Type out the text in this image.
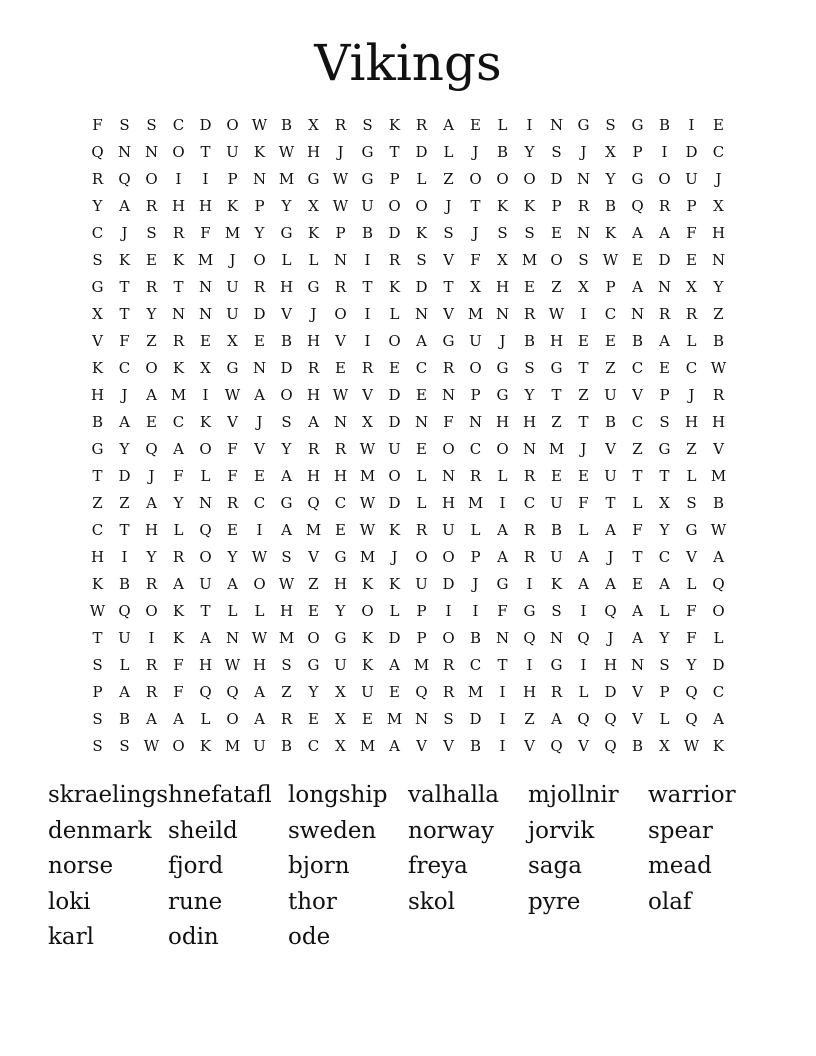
Vikings
F	S	S	C	D O W B	X	R	S	K	R	A	E	L	I	N G	S	G	B	I	E
Q N N O	T	U	K W H	J	G	T	D	L	J	B	Y	S	J	X	P	I	D	C
R	Q O	I	I	P	N M G W G	P	L	Z	O O O D N	Y	G O U	J
Y	A	R H H K	P	Y	X W U O O	J	T	K	K	P	R	B	Q	R	P	X
C	J	S	R	F M Y	G	K	P	B	D	K	S	J	S	S	E N K	A	A	F	H
S	K	E	K M	J	O	L	L	N	I	R	S	V	F	X M O	S W E	D	E N
G	T	R	T	N U	R H G	R	T	K	D	T	X	H E	Z	X	P	A	N	X	Y
X	T	Y	N N U D	V	J	O	I	L	N	V M N R W	I	C N R	R	Z
V	F	Z	R	E	X	E	B H	V	I	O	A	G U	J	B H E	E	B	A	L	B
K	C	O	K	X	G N D	R	E	R	E	C	R	O G	S	G	T	Z	C	E	C W
H	J	A M	I	W A	O H W V	D	E N	P	G	Y	T	Z	U	V	P	J	R
B	A	E	C	K	V	J	S	A	N	X	D N	F	N H H	Z	T	B	C	S	H H
G	Y	Q	A	O	F	V	Y	R	R W U	E	O	C	O N M	J	V	Z	G	Z	V
T	D	J	F	L	F	E	A	H H M O	L	N R	L	R	E	E	U	T	T	L M
Z	Z	A	Y	N R	C	G Q	C W D	L	H M	I	C U	F	T	L	X	S	B
C	T	H	L	Q	E	I	A M E W K	R	U	L	A	R	B	L	A	F	Y	G W
H	I	Y	R	O	Y W S	V	G M	J	O O	P	A	R	U	A	J	T	C	V	A
K	B	R	A	U	A	O W Z	H K	K	U D	J	G	I	K	A	A	E	A	L	Q
W Q O	K	T	L	L	H E	Y	O	L	P	I	I	F	G	S	I	Q	A	L	F	O
T	U	I	K	A	N W M O G	K	D	P	O	B N Q N Q	J	A	Y	F	L
S	L	R	F	H W H	S	G U	K	A M R	C	T	I	G	I	H N	S	Y	D
P	A	R	F	Q Q	A	Z	Y	X	U	E	Q	R M	I	H R	L	D	V	P	Q	C
S	B	A	A	L	O	A	R	E	X	E M N	S	D	I	Z	A	Q Q	V	L	Q	A
S	S W O	K M U	B	C	X M A	V	V	B	I	V	Q	V	Q	B	X W K
skraelings hnefatafl longship valhalla	mjollnir	warrior
denmark sheild	sweden	norway	jorvik	spear
norse	fjord	bjorn	freya	saga	mead
loki	rune	thor	skol	pyre	olaf
karl	odin	ode
